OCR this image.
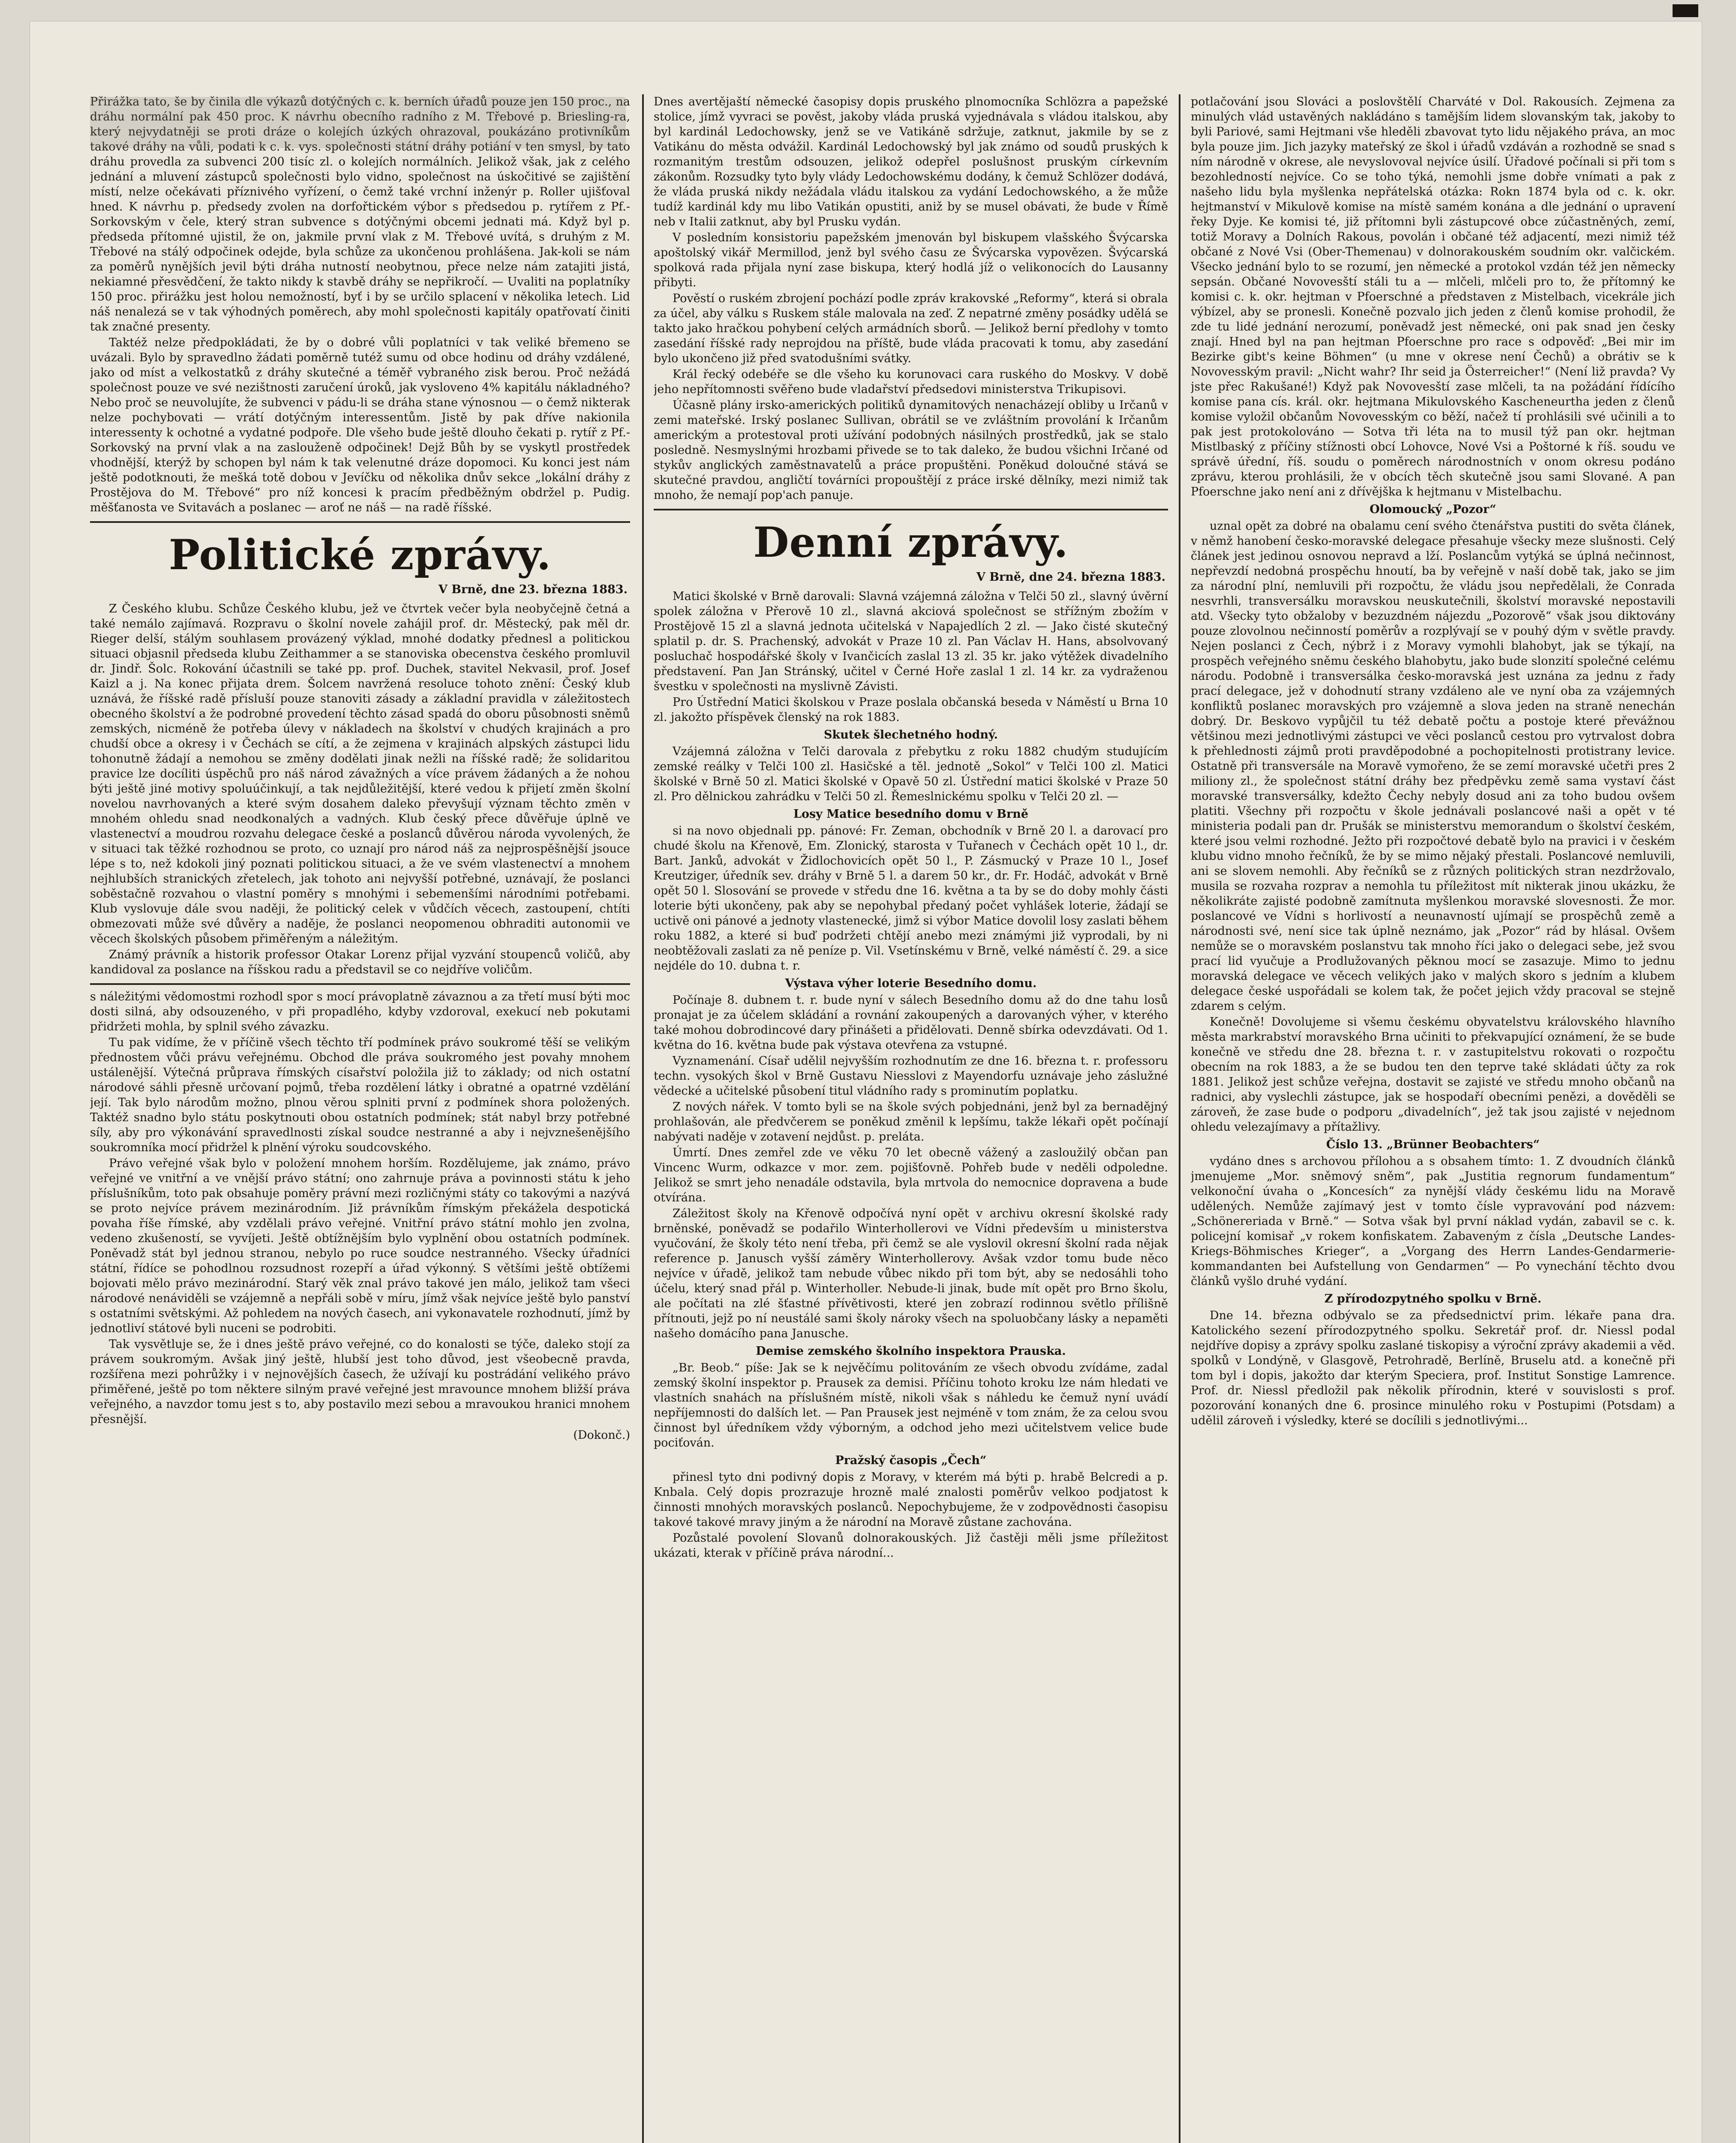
Přirážka tato, še by činila dle výkazů dotýčných c. k. berních úřadů pouze jen 150 proc., na dráhu normální pak 450 proc. K návrhu obecního radního z M. Třebové p. Briesling-ra, který nejvydatněji se proti dráze o kolejích úzkých ohrazoval, poukázáno protivníkům takové dráhy na vůli, podati k c. k. vys. společnosti státní dráhy potiání v ten smysl, by tato dráhu provedla za subvenci 200 tisíc zl. o kolejích normálních. Jelikož však, jak z celého jednání a mluvení zástupců společnosti bylo vidno, společnost na úskočitivé se zajištění místí, nelze očekávati příznivého vyřízení, o čemž také vrchní inženýr p. Roller ujišťoval hned. K návrhu p. předsedy zvolen na dorfořtickém výbor s předsedou p. rytířem z Pf.-Sorkovským v čele, který stran subvence s dotýčnými obcemi jednati má. Když byl p. předseda přítomné ujistil, že on, jakmile první vlak z M. Třebové uvítá, s druhým z M. Třebové na stálý odpočinek odejde, byla schůze za ukončenou prohlášena. Jak-koli se nám za poměrů nynějších jevil býti dráha nutností neobytnou, přece nelze nám zatajiti jistá, nekiamné přesvědčení, že takto nikdy k stavbě dráhy se nepřikročí. — Uvaliti na poplatníky 150 proc. přirážku jest holou nemožností, byť i by se určilo splacení v několika letech. Lid náš nenalezá se v tak výhodných poměrech, aby mohl společnosti kapitály opatřovatí činiti tak značné presenty.

Taktéž nelze předpokládati, že by o dobré vůli poplatníci v tak veliké břemeno se uvázali. Bylo by spravedlno žádati poměrně tutéž sumu od obce hodinu od dráhy vzdálené, jako od míst a velkostatků z dráhy skutečné a téměř vybraného zisk berou. Proč nežádá společnost pouze ve své nezištnosti zaručení úroků, jak vysloveno 4% kapitálu nákladného? Nebo proč se neuvolujíte, že subvenci v pádu-li se dráha stane výnosnou — o čemž nikterak nelze pochybovati — vrátí dotýčným interessentům. Jistě by pak dříve nakionila interessenty k ochotné a vydatné podpoře. Dle všeho bude ještě dlouho čekati p. rytíř z Pf.-Sorkovský na první vlak a na zaslouženě odpočinek! Dejž Bůh by se vyskytl prostředek vhodnější, kterýž by schopen byl nám k tak velenutné dráze dopomoci. Ku konci jest nám ještě podotknouti, že mešká totě dobou v Jevíčku od několika dnův sekce „lokální dráhy z Prostějova do M. Třebové“ pro níž koncesi k pracím předběžným obdržel p. Pudig. měšťanosta ve Svitavách a poslanec — aroť ne náš — na radě říšské.

Politické zprávy.
V Brně, dne 23. března 1883.

Z Českého klubu. Schůze Českého klubu, jež ve čtvrtek večer byla neobyčejně četná a také nemálo zajímavá. Rozpravu o školní novele zahájil prof. dr. Městecký, pak měl dr. Rieger delší, stálým souhlasem provázený výklad, mnohé dodatky přednesl a politickou situaci objasnil předseda klubu Zeithammer a se stanoviska obecenstva českého promluvil dr. Jindř. Šolc. Rokování účastnili se také pp. prof. Duchek, stavitel Nekvasil, prof. Josef Kaizl a j. Na konec přijata drem. Šolcem navržená resoluce tohoto znění: Český klub uznává, že říšské radě přísluší pouze stanoviti zásady a základní pravidla v záležitostech obecného školství a že podrobné provedení těchto zásad spadá do oboru působnosti sněmů zemských, nicméně že potřeba úlevy v nákladech na školství v chudých krajinách a pro chudší obce a okresy i v Čechách se cítí, a že zejmena v krajinách alpských zástupci lidu tohonutně žádají a nemohou se změny dodělati jinak nežli na říšské radě; že solidaritou pravice lze docíliti úspěchů pro náš národ závažných a více právem žádaných a že nohou býti ještě jiné motivy spoluúčinkují, a tak nejdůležitější, které vedou k přijetí změn školní novelou navrhovaných a které svým dosahem daleko převyšují význam těchto změn v mnohém ohledu snad neodkonalých a vadných. Klub český přece důvěřuje úplně ve vlastenectví a moudrou rozvahu delegace české a poslanců důvěrou národa vyvolených, že v situaci tak těžké rozhodnou se proto, co uznají pro národ náš za nejprospěšnější jsouce lépe s to, než kdokoli jiný poznati politickou situaci, a že ve svém vlastenectví a mnohem nejhlubších stranických zřetelech, jak tohoto ani nejvyšší potřebné, uznávají, že poslanci soběstačně rozvahou o vlastní poměry s mnohými i sebemenšími národními potřebami. Klub vyslovuje dále svou naději, že politický celek v vůdčích věcech, zastoupení, chtíti obmezovati může své důvěry a naděje, že poslanci neopomenou obhraditi autonomii ve věcech školských působem přiměřeným a náležitým.

Známý právník a historik professor Otakar Lorenz přijal vyzvání stoupenců voličů, aby kandidoval za poslance na říšskou radu a představil se co nejdříve voličům.

s náležitými vědomostmi rozhodl spor s mocí právoplatně závaznou a za třetí musí býti moc dosti silná, aby odsouzeného, v při propadlého, kdyby vzdoroval, exekucí neb pokutami přidržeti mohla, by splnil svého závazku.

Tu pak vidíme, že v příčině všech těchto tří podmínek právo soukromé těší se velikým přednostem vůči právu veřejnému. Obchod dle práva soukromého jest povahy mnohem ustálenější. Výtečná průprava římských císařství položila již to základy; od nich ostatní národové sáhli přesně určovaní pojmů, třeba rozdělení látky i obratné a opatrné vzdělání její. Tak bylo národům možno, plnou věrou splniti první z podmínek shora položených. Taktéž snadno bylo státu poskytnouti obou ostatních podmínek; stát nabyl brzy potřebné síly, aby pro výkonávání spravedlnosti získal soudce nestranné a aby i nejvznešenějšího soukromníka mocí přidržel k plnění výroku soudcovského.

Právo veřejné však bylo v položení mnohem horším. Rozdělujeme, jak známo, právo veřejné ve vnitřní a ve vnější právo státní; ono zahrnuje práva a povinnosti státu k jeho příslušníkům, toto pak obsahuje poměry právní mezi rozličnými státy co takovými a nazývá se proto nejvíce právem mezinárodním. Již právníkům římským překážela despotická povaha říše římské, aby vzdělali právo veřejné. Vnitřní právo státní mohlo jen zvolna, vedeno zkušeností, se vyvíjeti. Ještě obtížnějším bylo vyplnění obou ostatních podmínek. Poněvadž stát byl jednou stranou, nebylo po ruce soudce nestranného. Všecky úřadníci státní, řídíce se pohodlnou rozsudnost rozepří a úřad výkonný. S většími ještě obtížemi bojovati mělo právo mezinárodní. Starý věk znal právo takové jen málo, jelikož tam všeci národové nenáviděli se vzájemně a nepřáli sobě v míru, jímž však nejvíce ještě bylo panství s ostatními světskými. Až pohledem na nových časech, ani vykonavatele rozhodnutí, jímž by jednotliví státové byli nuceni se podrobiti.

Tak vysvětluje se, že i dnes ještě právo veřejné, co do konalosti se týče, daleko stojí za právem soukromým. Avšak jiný ještě, hlubší jest toho důvod, jest všeobecně pravda, rozšířena mezi pohrůžky i v nejnovějších časech, že užívají ku postrádání velikého právo přiměřené, ještě po tom některe silným pravé veřejné jest mravounce mnohem bližší práva veřejného, a navzdor tomu jest s to, aby postavilo mezi sebou a mravoukou hranici mnohem přesnější.

(Dokonč.)

Dnes avertějaští německé časopisy dopis pruského plnomocníka Schlözra a papežské stolice, jímž vyvraci se pověst, jakoby vláda pruská vyjednávala s vládou italskou, aby byl kardinál Ledochowsky, jenž se ve Vatikáně sdržuje, zatknut, jakmile by se z Vatikánu do města odvážil. Kardinál Ledochowský byl jak známo od soudů pruských k rozmanitým trestům odsouzen, jelikož odepřel poslušnost pruským církevním zákonům. Rozsudky tyto byly vlády Ledochowskému dodány, k čemuž Schlözer dodává, že vláda pruská nikdy nežádala vládu italskou za vydání Ledochowského, a že může tudíž kardinál kdy mu libo Vatikán opustiti, aniž by se musel obávati, že bude v Římě neb v Italii zatknut, aby byl Prusku vydán.

V posledním konsistoriu papežském jmenován byl biskupem vlašského Švýcarska apoštolský vikář Mermillod, jenž byl svého času ze Švýcarska vypovězen. Švýcarská spolková rada přijala nyní zase biskupa, který hodlá jíž o velikonocích do Lausanny přibyti.

Pověstí o ruském zbrojení pochází podle zpráv krakovské „Reformy“, která si obrala za účel, aby válku s Ruskem stále malovala na zeď. Z nepatrné změny posádky udělá se takto jako hračkou pohybení celých armádních sborů. — Jelikož berní předlohy v tomto zasedání říšské rady neprojdou na příště, bude vláda pracovati k tomu, aby zasedání bylo ukončeno již před svatodušními svátky.

Král řecký odebéře se dle všeho ku korunovaci cara ruského do Moskvy. V době jeho nepřítomnosti svěřeno bude vladařství předsedovi ministerstva Trikupisovi.

Účasně plány irsko-amerických politiků dynamitových nenacházejí obliby u Irčanů v zemi mateřské. Irský poslanec Sullivan, obrátil se ve zvláštním provolání k Irčanům americkým a protestoval proti užívání podobných násilných prostředků, jak se stalo posledně. Nesmyslnými hrozbami přivede se to tak daleko, že budou všichni Irčané od stykův anglických zaměstnavatelů a práce propuštěni. Poněkud doloučné stává se skutečné pravdou, angličtí továrníci propouštějí z práce irské dělníky, mezi nimiž tak mnoho, že nemají pop'ach panuje.

Denní zprávy.
V Brně, dne 24. března 1883.

Matici školské v Brně darovali: Slavná vzájemná záložna v Telči 50 zl., slavný úvěrní spolek záložna v Přerově 10 zl., slavná akciová společnost se střížným zbožím v Prostějově 15 zl a slavná jednota učitelská v Napajedlích 2 zl. — Jako čisté skutečný splatil p. dr. S. Prachenský, advokát v Praze 10 zl. Pan Václav H. Hans, absolvovaný posluchač hospodářské školy v Ivančicích zaslal 13 zl. 35 kr. jako výtěžek divadelního představení. Pan Jan Stránský, učitel v Černé Hoře zaslal 1 zl. 14 kr. za vydraženou švestku v společnosti na myslivně Závisti.

Pro Ústřední Matici školskou v Praze poslala občanská beseda v Náměstí u Brna 10 zl. jakožto příspěvek členský na rok 1883.

Skutek šlechetného hodný.

Vzájemná záložna v Telči darovala z přebytku z roku 1882 chudým studujícím zemské reálky v Telči 100 zl. Hasičské a těl. jednotě „Sokol“ v Telči 100 zl. Matici školské v Brně 50 zl. Matici školské v Opavě 50 zl. Ústřední matici školské v Praze 50 zl. Pro dělnickou zahrádku v Telči 50 zl. Řemeslnickému spolku v Telči 20 zl. —

Losy Matice besedního domu v Brně

si na novo objednali pp. pánové: Fr. Zeman, obchodník v Brně 20 l. a darovací pro chudé školu na Křenově, Em. Zlonický, starosta v Tuřanech v Čechách opět 10 l., dr. Bart. Janků, advokát v Židlochovicích opět 50 l., P. Zásmucký v Praze 10 l., Josef Kreutziger, úředník sev. dráhy v Brně 5 l. a darem 50 kr., dr. Fr. Hodáč, advokát v Brně opět 50 l. Slosování se provede v středu dne 16. května a ta by se do doby mohly části loterie býti ukončeny, pak aby se nepohybal předaný počet vyhlášek loterie, žádají se uctivě oni pánové a jednoty vlastenecké, jimž si výbor Matice dovolil losy zaslati během roku 1882, a které si buď podržeti chtějí anebo mezi známými již vyprodali, by ni neobtěžovali zaslati za ně peníze p. Vil. Vsetínskému v Brně, velké náměstí č. 29. a sice nejdéle do 10. dubna t. r.

Výstava výher loterie Besedního domu.

Počínaje 8. dubnem t. r. bude nyní v sálech Besedního domu až do dne tahu losů pronajat je za účelem skládání a rovnání zakoupených a darovaných výher, v kterého také mohou dobrodincové dary přinášeti a přidělovati. Denně sbírka odevzdávati. Od 1. května do 16. května bude pak výstava otevřena za vstupné.

Vyznamenání. Císař udělil nejvyšším rozhodnutím ze dne 16. března t. r. professoru techn. vysokých škol v Brně Gustavu Niesslovi z Mayendorfu uznávaje jeho záslužné vědecké a učitelské působení titul vládního rady s prominutím poplatku.

Z nových nářek. V tomto byli se na škole svých pobjednáni, jenž byl za bernadějný prohlašován, ale předvčerem se poněkud změnil k lepšímu, takže lékaři opět počínají nabývati naděje v zotavení nejdůst. p. preláta.

Úmrtí. Dnes zemřel zde ve věku 70 let obecně vážený a zasloužilý občan pan Vincenc Wurm, odkazce v mor. zem. pojišťovně. Pohřeb bude v neděli odpoledne. Jelikož se smrt jeho nenadále odstavila, byla mrtvola do nemocnice dopravena a bude otvírána.

Záležitost školy na Křenově odpočívá nyní opět v archivu okresní školské rady brněnské, poněvadž se podařilo Winterhollerovi ve Vídni především u ministerstva vyučování, že školy této není třeba, při čemž se ale vyslovil okresní školní rada nějak reference p. Janusch vyšší záměry Winterhollerovy. Avšak vzdor tomu bude něco nejvíce v úřadě, jelikož tam nebude vůbec nikdo při tom být, aby se nedosáhli toho účelu, který snad přál p. Winterholler. Nebude-li jinak, bude mít opět pro Brno školu, ale počítati na zlé šťastné přívětivosti, které jen zobrazí rodinnou světlo přílišně přítnouti, jejž po ní neustálé sami školy nároky všech na spoluobčany lásky a nepaměti našeho domácího pana Janusche.

Demise zemského školního inspektora Prauska.

„Br. Beob.“ píše: Jak se k nejvěčímu politováním ze všech obvodu zvídáme, zadal zemský školní inspektor p. Prausek za demisi. Příčinu tohoto kroku lze nám hledati ve vlastních snahách na příslušném místě, nikoli však s náhledu ke čemuž nyní uvádí nepříjemnosti do dalších let. — Pan Prausek jest nejméně v tom znám, že za celou svou činnost byl úředníkem vždy výborným, a odchod jeho mezi učitelstvem velice bude pociťován.

Pražský časopis „Čech“

přinesl tyto dni podivný dopis z Moravy, v kterém má býti p. hrabě Belcredi a p. Knbala. Celý dopis prozrazuje hrozně malé znalosti poměrův velkoo podjatost k činnosti mnohých moravských poslanců. Nepochybujeme, že v zodpovědnosti časopisu takové takové mravy jiným a že národní na Moravě zůstane zachována.

Pozůstalé povolení Slovanů dolnorakouských. Již častěji měli jsme příležitost ukázati, kterak v příčině práva národní...

potlačování jsou Slováci a poslovštělí Charváté v Dol. Rakousích. Zejmena za minulých vlád ustavěných nakládáno s tamějším lidem slovanským tak, jakoby to byli Pariové, sami Hejtmani vše hleděli zbavovat tyto lidu nějakého práva, an moc byla pouze jim. Jich jazyky mateřský ze škol i úřadů vzdáván a rozhodně se snad s ním národně v okrese, ale nevyslovoval nejvíce úsilí. Úřadové počínali si při tom s bezohledností nejvíce. Co se toho týká, nemohli jsme dobře vnímati a pak z našeho lidu byla myšlenka nepřátelská otázka: Rokn 1874 byla od c. k. okr. hejtmanství v Mikulově komise na místě samém konána a dle jednání o upravení řeky Dyje. Ke komisi té, již přítomni byli zástupcové obce zúčastněných, zemí, totiž Moravy a Dolních Rakous, povolán i občané též adjacentí, mezi nimiž též občané z Nové Vsi (Ober-Themenau) v dolnorakouském soudním okr. valčickém. Všecko jednání bylo to se rozumí, jen německé a protokol vzdán též jen německy sepsán. Občané Novovesští stáli tu a — mlčeli, mlčeli pro to, že přítomný ke komisi c. k. okr. hejtman v Pfoerschné a představen z Mistelbach, vicekrále jich výbízel, aby se pronesli. Konečně pozvalo jich jeden z členů komise prohodil, že zde tu lidé jednání nerozumí, poněvadž jest německé, oni pak snad jen česky znají. Hned byl na pan hejtman Pfoerschne pro race s odpověď: „Bei mir im Bezirke gibt's keine Böhmen“ (u mne v okrese není Čechů) a obrátiv se k Novovesským pravil: „Nicht wahr? Ihr seid ja Österreicher!“ (Není liž pravda? Vy jste přec Rakušané!) Když pak Novovesští zase mlčeli, ta na požádání řídícího komise pana cís. král. okr. hejtmana Mikulovského Kascheneurtha jeden z členů komise vyložil občanům Novovesským co běží, načež tí prohlásili své učinili a to pak jest protokolováno — Sotva tři léta na to musil týž pan okr. hejtman Mistlbaský z příčiny stížnosti obcí Lohovce, Nové Vsi a Poštorné k říš. soudu ve správě úřední, říš. soudu o poměrech národnostních v onom okresu podáno zprávu, kterou prohlásili, že v obcích těch skutečně jsou sami Slované. A pan Pfoerschne jako není ani z dřívějška k hejtmanu v Mistelbachu.

Olomoucký „Pozor“

uznal opět za dobré na obalamu cení svého čtenářstva pustiti do světa článek, v němž hanobení česko-moravské delegace přesahuje všecky meze slušnosti. Celý článek jest jedinou osnovou nepravd a lží. Poslancům vytýká se úplná nečinnost, nepřevzdí nedobná prospěchu hnoutí, ba by veřejně v naší době tak, jako se jim za národní plní, nemluvili při rozpočtu, že vládu jsou nepředělali, že Conrada nesvrhli, transversálku moravskou neuskutečnili, školství moravské nepostavili atd. Všecky tyto obžaloby v bezuzdném nájezdu „Pozorově“ však jsou diktovány pouze zlovolnou nečinností poměrův a rozplývají se v pouhý dým v světle pravdy. Nejen poslanci z Čech, nýbrž i z Moravy vymohli blahobyt, jak se týkají, na prospěch veřejného sněmu českého blahobytu, jako bude slonzití společné celému národu. Podobně i transversálka česko-moravská jest uznána za jednu z řady prací delegace, jež v dohodnutí strany vzdáleno ale ve nyní oba za vzájemných konfliktů poslanec moravských pro vzájemně a slova jeden na straně nenechán dobrý. Dr. Beskovo vypůjčil tu též debatě počtu a postoje které převážnou většinou mezi jednotlivými zástupci ve věci poslanců cestou pro vytrvalost dobra k přehlednosti zájmů proti pravděpodobné a pochopitelnosti protistrany levice. Ostatně při transversále na Moravě vymořeno, že se zemí moravské učetři pres 2 miliony zl., že společnost státní dráhy bez předpěvku země sama vystaví část moravské transversálky, kdežto Čechy nebyly dosud ani za toho budou ovšem platiti. Všechny při rozpočtu v škole jednávali poslancové naši a opět v té ministeria podali pan dr. Prušák se ministerstvu memorandum o školství českém, které jsou velmi rozhodné. Ježto při rozpočtové debatě bylo na pravici i v českém klubu vidno mnoho řečníků, že by se mimo nějaký přestali. Poslancové nemluvili, ani se slovem nemohli. Aby řečníků se z různých politických stran nezdržovalo, musila se rozvaha rozprav a nemohla tu příležitost mít nikterak jinou ukázku, že několikráte zajisté podobně zamítnuta myšlenkou moravské slovesnosti. Že mor. poslancové ve Vídni s horlivostí a neunavností ujímají se prospěchů země a národnosti své, není sice tak úplně neznámo, jak „Pozor“ rád by hlásal. Ovšem nemůže se o moravském poslanstvu tak mnoho říci jako o delegaci sebe, jež svou prací lid vyučuje a Prodlužovaných pěknou mocí se zasazuje. Mimo to jednu moravská delegace ve věcech velikých jako v malých skoro s jedním a klubem delegace české uspořádali se kolem tak, že počet jejich vždy pracoval se stejně zdarem s celým.

Konečně! Dovolujeme si všemu českému obyvatelstvu královského hlavního města markrabství moravského Brna učiniti to překvapující oznámení, že se bude konečně ve středu dne 28. března t. r. v zastupitelstvu rokovati o rozpočtu obecním na rok 1883, a že se budou ten den teprve také skládati účty za rok 1881. Jelikož jest schůze veřejna, dostavit se zajisté ve středu mnoho občanů na radnici, aby vyslechli zástupce, jak se hospodaří obecními penězi, a dověděli se zároveň, že zase bude o podporu „divadelních“, jež tak jsou zajisté v nejednom ohledu velezajímavy a přítažlivy.

Číslo 13. „Brünner Beobachters“

vydáno dnes s archovou přílohou a s obsahem tímto: 1. Z dvoudních článků jmenujeme „Mor. sněmový sněm“, pak „Justitia regnorum fundamentum“ velkonoční úvaha o „Koncesích“ za nynější vlády českému lidu na Moravě udělených. Nemůže zajímavý jest v tomto čísle vypravování pod názvem: „Schönereriada v Brně.“ — Sotva však byl první náklad vydán, zabavil se c. k. policejní komisař „v rokem konfiskatem. Zabaveným z čísla „Deutsche Landes-Kriegs-Böhmisches Krieger“, a „Vorgang des Herrn Landes-Gendarmerie-kommandanten bei Aufstellung von Gendarmen“ — Po vynechání těchto dvou článků vyšlo druhé vydání.

Z přírodozpytného spolku v Brně.

Dne 14. března odbývalo se za předsednictví prim. lékaře pana dra. Katolického sezení přírodozpytného spolku. Sekretář prof. dr. Niessl podal nejdříve dopisy a zprávy spolku zaslané tiskopisy a výroční zprávy akademii a věd. spolků v Londýně, v Glasgově, Petrohradě, Berlíně, Bruselu atd. a konečně při tom byl i dopis, jakožto dar kterým Speciera, prof. Institut Sonstige Lamrence. Prof. dr. Niessl předložil pak několik přírodnin, které v souvislosti s prof. pozorování konaných dne 6. prosince minulého roku v Postupimi (Potsdam) a udělil zároveň i výsledky, které se docílili s jednotlivými...
